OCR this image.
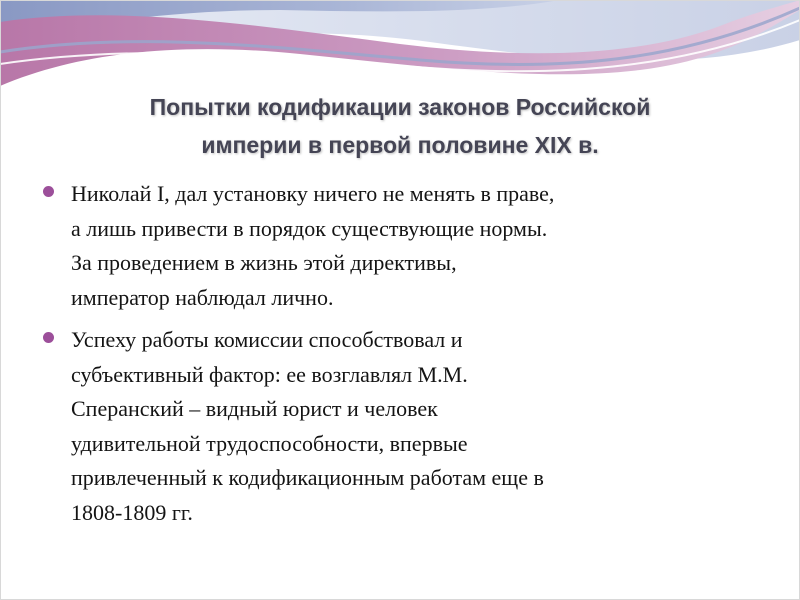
Попытки кодификации законов Российской
империи в первой половине XIX в.
Николай I, дал установку ничего не менять в праве,
а лишь привести в порядок существующие нормы.
За проведением в жизнь этой директивы,
император наблюдал лично.
Успеху работы комиссии способствовал и
субъективный фактор: ее возглавлял М.М.
Сперанский – видный юрист и человек
удивительной трудоспособности, впервые
привлеченный к кодификационным работам еще в
1808-1809 гг.
